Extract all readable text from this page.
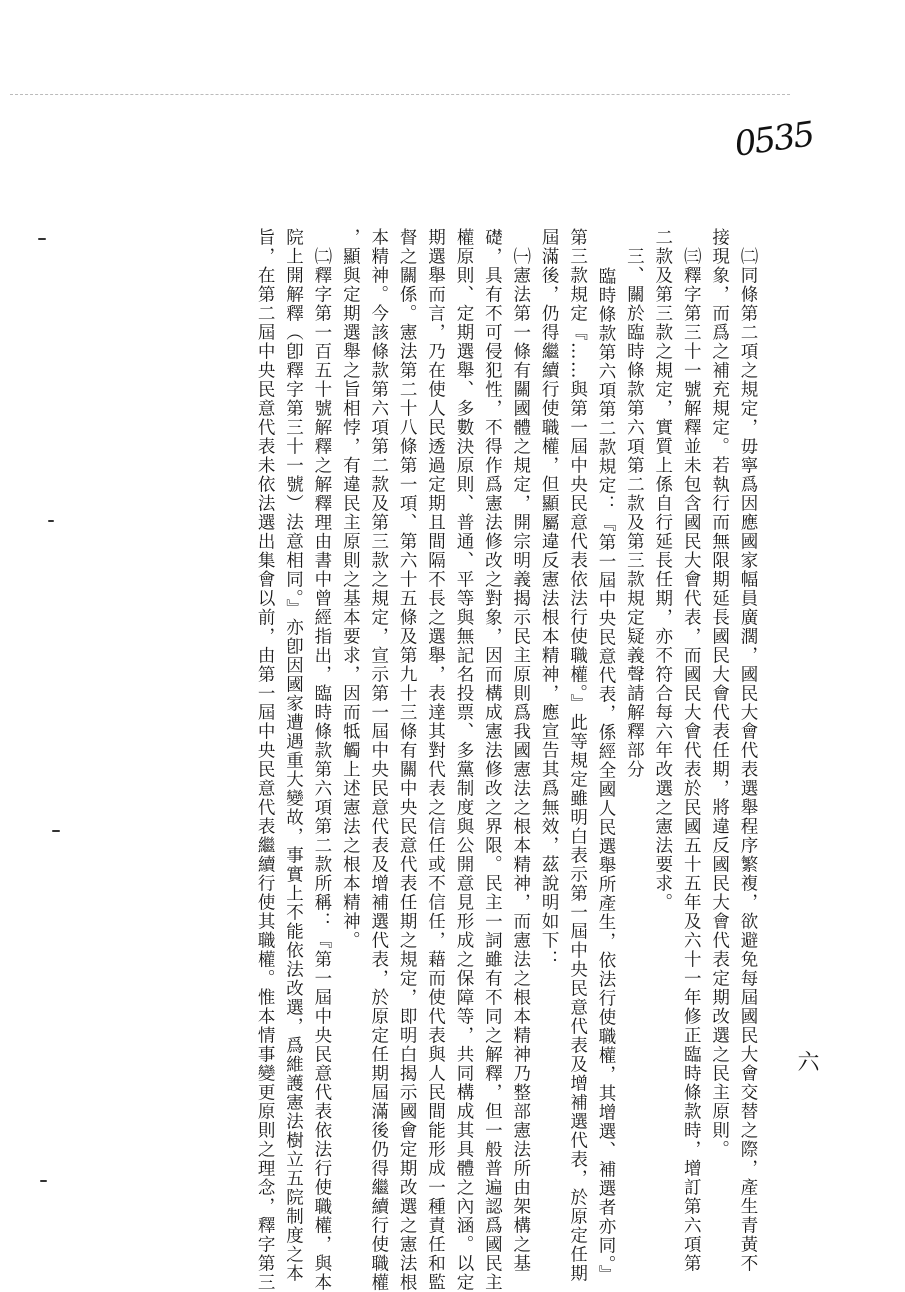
0535
六
㈡同條第二項之規定，毋寧爲因應國家幅員廣濶，國民大會代表選舉程序繁複，欲避免每屆國民大會交替之際，產生青黃不
接現象，而爲之補充規定。若執行而無限期延長國民大會代表任期，將違反國民大會代表定期改選之民主原則。
㈢釋字第三十一號解釋並未包含國民大會代表，而國民大會代表於民國五十五年及六十一年修正臨時條款時，增訂第六項第
二款及第三款之規定，實質上係自行延長任期，亦不符合每六年改選之憲法要求。
三、關於臨時條款第六項第二款及第三款規定疑義聲請解釋部分
臨時條款第六項第二款規定：『第一屆中央民意代表，係經全國人民選舉所產生，依法行使職權，其增選、補選者亦同。』
第三款規定『……與第一屆中央民意代表依法行使職權。』此等規定雖明白表示第一屆中央民意代表及增補選代表，於原定任期
屆滿後，仍得繼續行使職權，但顯屬違反憲法根本精神，應宣告其爲無效，茲說明如下：
㈠憲法第一條有關國體之規定，開宗明義揭示民主原則爲我國憲法之根本精神，而憲法之根本精神乃整部憲法所由架構之基
礎，具有不可侵犯性，不得作爲憲法修改之對象，因而構成憲法修改之界限。民主一詞雖有不同之解釋，但一般普遍認爲國民主
權原則、定期選舉、多數決原則、普通、平等與無記名投票、多黨制度與公開意見形成之保障等，共同構成其具體之內涵。以定
期選舉而言，乃在使人民透過定期且間隔不長之選舉，表達其對代表之信任或不信任，藉而使代表與人民間能形成一種責任和監
督之關係。憲法第二十八條第一項、第六十五條及第九十三條有關中央民意代表任期之規定，即明白揭示國會定期改選之憲法根
本精神。今該條款第六項第二款及第三款之規定，宣示第一屆中央民意代表及增補選代表，於原定任期屆滿後仍得繼續行使職權
，顯與定期選舉之旨相悖，有違民主原則之基本要求，因而牴觸上述憲法之根本精神。
㈡釋字第一百五十號解釋之解釋理由書中曾經指出，臨時條款第六項第二款所稱：『第一屆中央民意代表依法行使職權，與本
院上開解釋（卽釋字第三十一號）法意相同。』亦卽因國家遭遇重大變故，事實上不能依法改選，爲維護憲法樹立五院制度之本
旨，在第二屆中央民意代表未依法選出集會以前，由第一屆中央民意代表繼續行使其職權。惟本情事變更原則之理念，釋字第三
